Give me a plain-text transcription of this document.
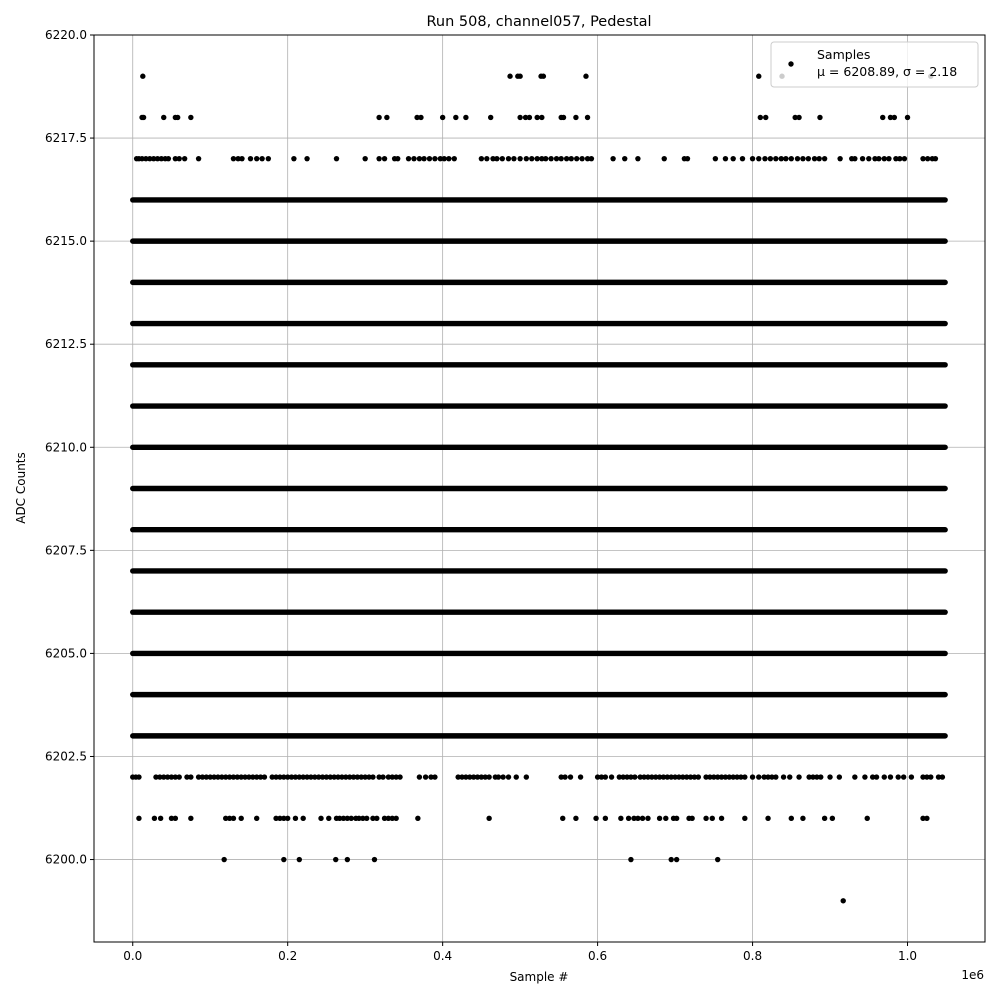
0.0	0.2	0.4	0.6	0.8	1.0
6200.0
6202.5
6205.0
6207.5
6210.0
6212.5
6215.0
6217.5
6220.0
Run 508, channel057, Pedestal
Sample #
ADC Counts
1e6
Samples
μ = 6208.89, σ = 2.18
